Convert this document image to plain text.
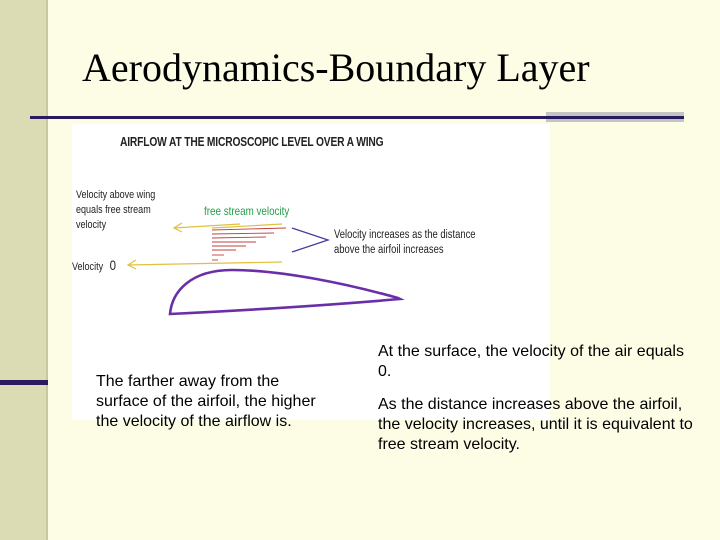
Aerodynamics-Boundary Layer
AIRFLOW AT THE MICROSCOPIC LEVEL OVER A WING
Velocity above wing
equals free stream
velocity
free stream velocity
Velocity increases as the distance
above the airfoil increases
Velocity 0
The farther away from the surface of the airfoil, the higher the velocity of the airflow is.

At the surface, the velocity of the air equals 0.

As the distance increases above the airfoil, the velocity increases, until it is equivalent to free stream velocity.
